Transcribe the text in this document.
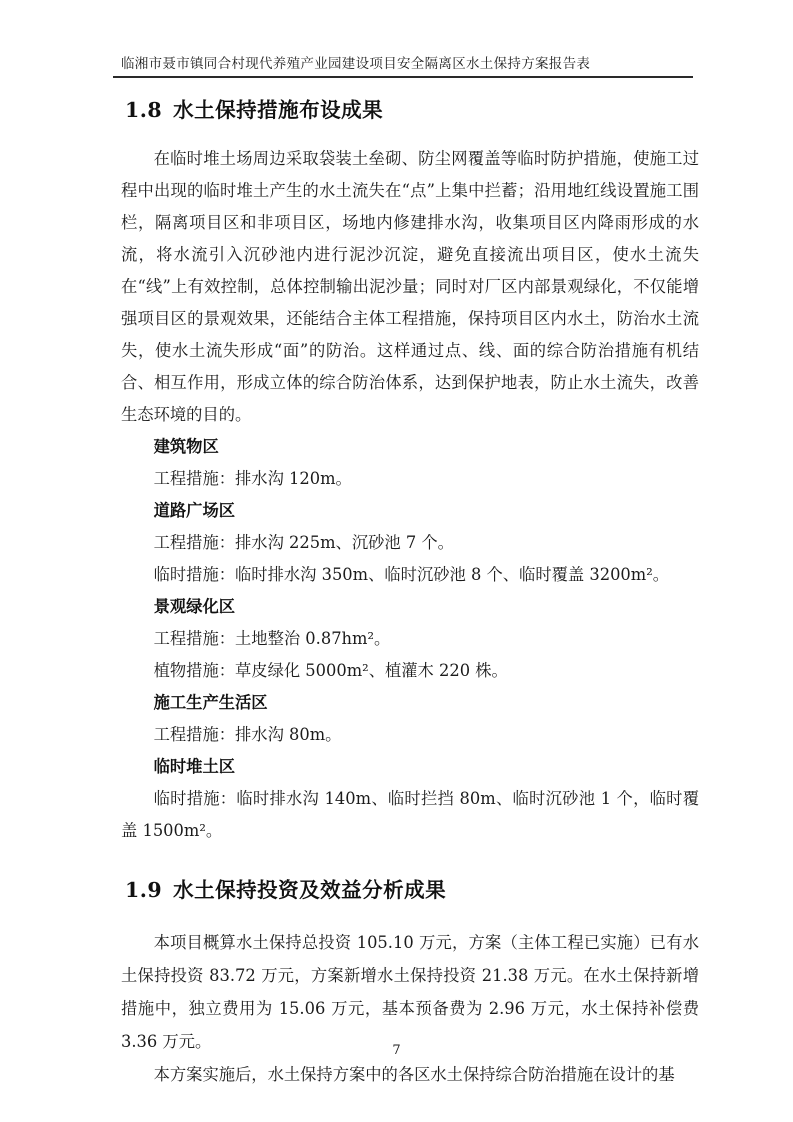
临湘市聂市镇同合村现代养殖产业园建设项目安全隔离区水土保持方案报告表
1.8 水土保持措施布设成果

在临时堆土场周边采取袋装土垒砌、防尘网覆盖等临时防护措施，使施工过程中出现的临时堆土产生的水土流失在“点”上集中拦蓄；沿用地红线设置施工围栏，隔离项目区和非项目区，场地内修建排水沟，收集项目区内降雨形成的水流，将水流引入沉砂池内进行泥沙沉淀，避免直接流出项目区，使水土流失在“线”上有效控制，总体控制输出泥沙量；同时对厂区内部景观绿化，不仅能增强项目区的景观效果，还能结合主体工程措施，保持项目区内水土，防治水土流失，使水土流失形成“面”的防治。这样通过点、线、面的综合防治措施有机结合、相互作用，形成立体的综合防治体系，达到保护地表，防止水土流失，改善生态环境的目的。

建筑物区
工程措施：排水沟 120m。
道路广场区
工程措施：排水沟 225m、沉砂池 7 个。
临时措施：临时排水沟 350m、临时沉砂池 8 个、临时覆盖 3200m²。
景观绿化区
工程措施：土地整治 0.87hm²。
植物措施：草皮绿化 5000m²、植灌木 220 株。
施工生产生活区
工程措施：排水沟 80m。
临时堆土区
临时措施：临时排水沟 140m、临时拦挡 80m、临时沉砂池 1 个，临时覆盖 1500m²。
1.9 水土保持投资及效益分析成果

本项目概算水土保持总投资 105.10 万元，方案（主体工程已实施）已有水土保持投资 83.72 万元，方案新增水土保持投资 21.38 万元。在水土保持新增措施中，独立费用为 15.06 万元，基本预备费为 2.96 万元，水土保持补偿费 3.36 万元。

本方案实施后，水土保持方案中的各区水土保持综合防治措施在设计的基

7
